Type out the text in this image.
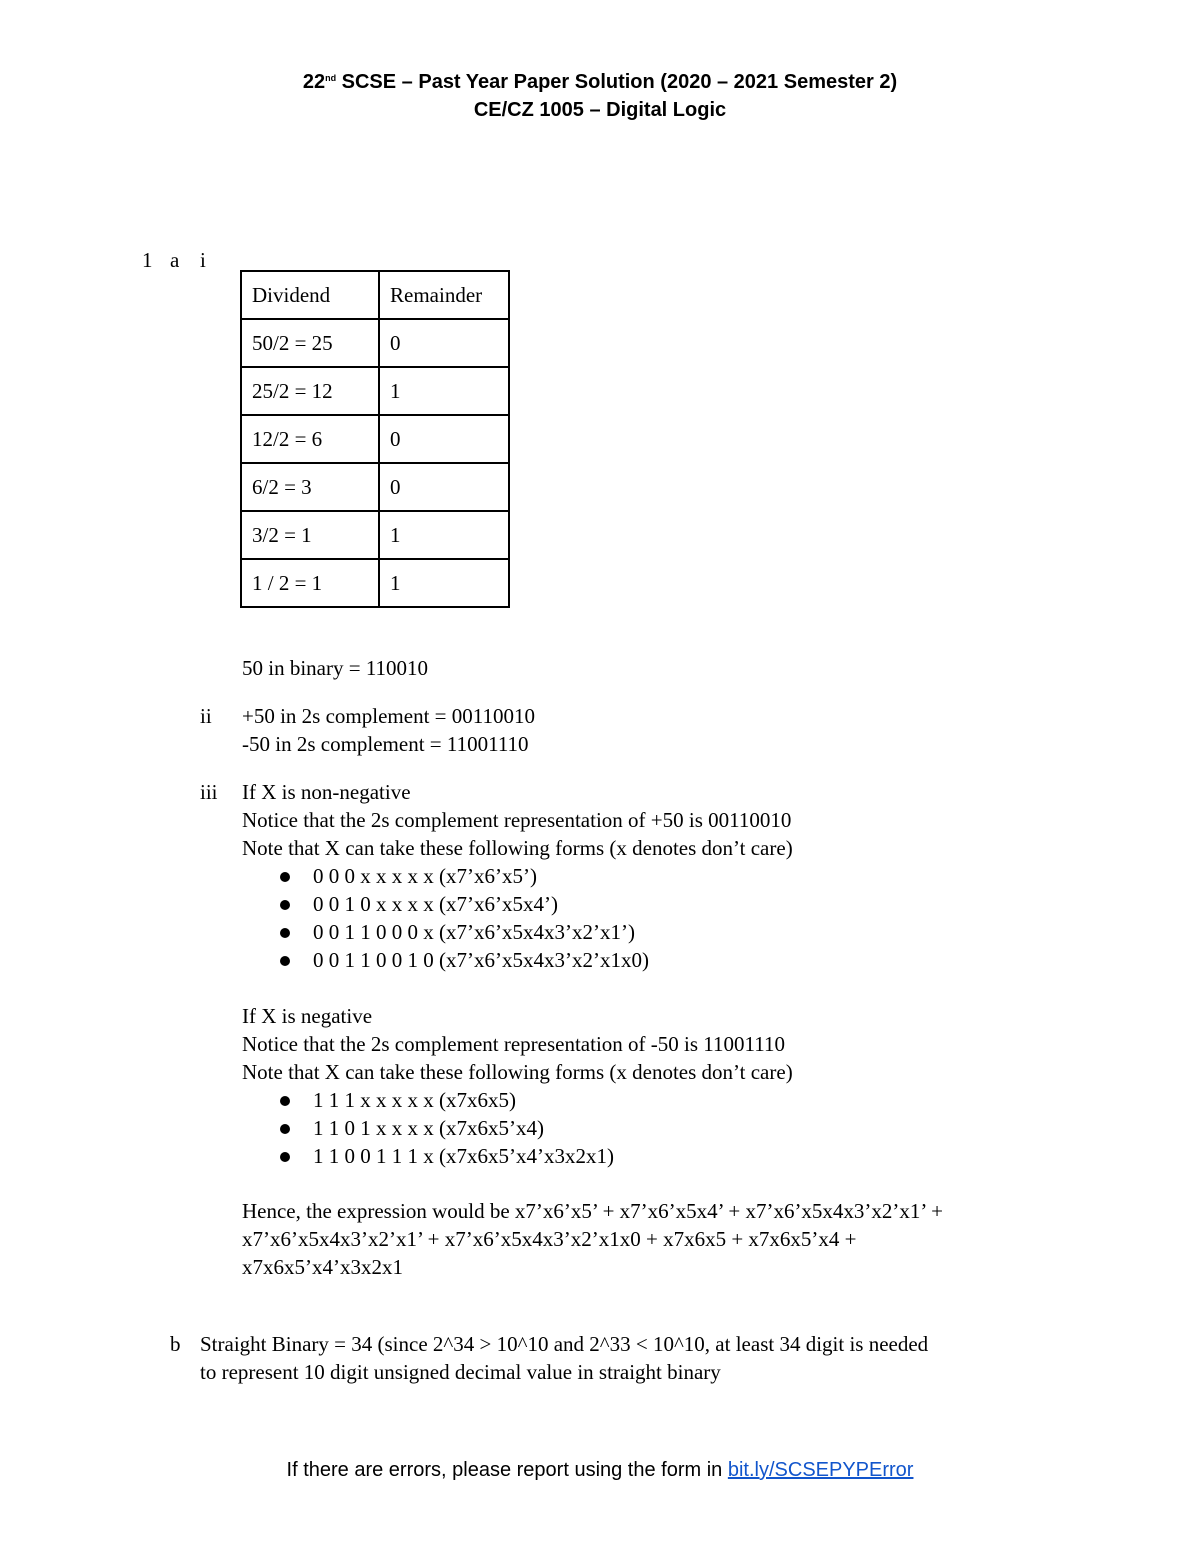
22nd SCSE – Past Year Paper Solution (2020 – 2021 Semester 2)
CE/CZ 1005 – Digital Logic
1 a i
Dividend	Remainder
50/2 = 25	0
25/2 = 12	1
12/2 = 6	0
6/2 = 3	0
3/2 = 1	1
1 / 2 = 1	1
50 in binary = 110010
ii +50 in 2s complement = 00110010
-50 in 2s complement = 11001110
iii If X is non-negative
Notice that the 2s complement representation of +50 is 00110010
Note that X can take these following forms (x denotes don’t care)
0 0 0 x x x x x (x7’x6’x5’)
0 0 1 0 x x x x (x7’x6’x5x4’)
0 0 1 1 0 0 0 x (x7’x6’x5x4x3’x2’x1’)
0 0 1 1 0 0 1 0 (x7’x6’x5x4x3’x2’x1x0)
If X is negative
Notice that the 2s complement representation of -50 is 11001110
Note that X can take these following forms (x denotes don’t care)
1 1 1 x x x x x (x7x6x5)
1 1 0 1 x x x x (x7x6x5’x4)
1 1 0 0 1 1 1 x (x7x6x5’x4’x3x2x1)
Hence, the expression would be x7’x6’x5’ + x7’x6’x5x4’ + x7’x6’x5x4x3’x2’x1’ +
x7’x6’x5x4x3’x2’x1’ + x7’x6’x5x4x3’x2’x1x0 + x7x6x5 + x7x6x5’x4 +
x7x6x5’x4’x3x2x1
b Straight Binary = 34 (since 2^34 > 10^10 and 2^33 < 10^10, at least 34 digit is needed
to represent 10 digit unsigned decimal value in straight binary
If there are errors, please report using the form in bit.ly/SCSEPYPError
